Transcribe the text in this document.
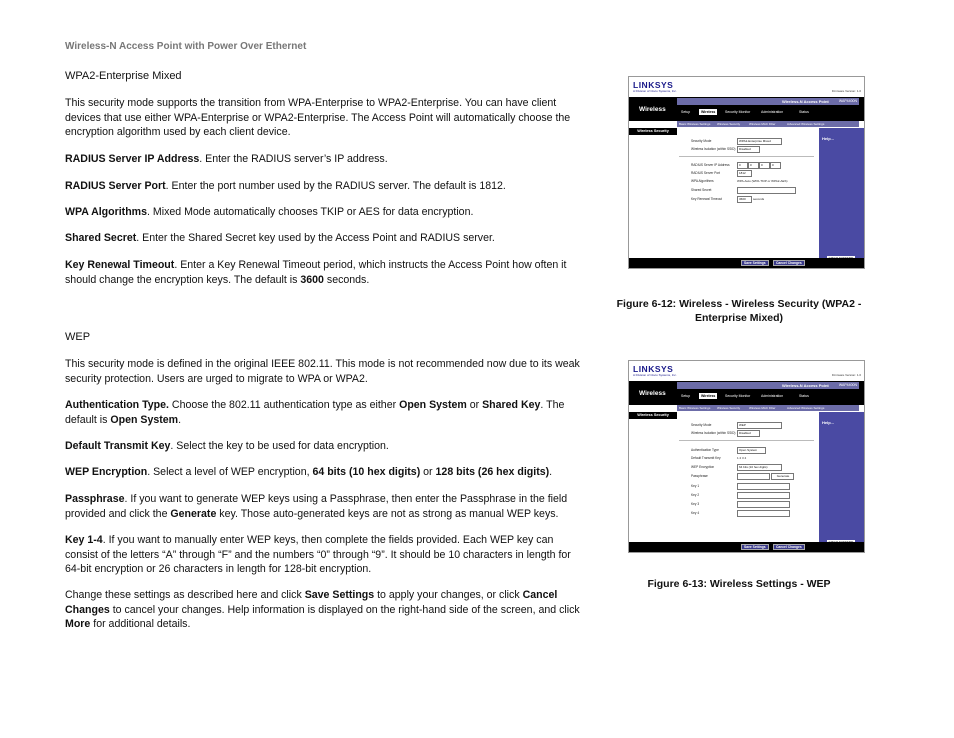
Wireless-N Access Point with Power Over Ethernet
WPA2-Enterprise Mixed

This security mode supports the transition from WPA-Enterprise to WPA2-Enterprise. You can have client devices that use either WPA-Enterprise or WPA2-Enterprise. The Access Point will automatically choose the encryption algorithm used by each client device.

RADIUS Server IP Address. Enter the RADIUS server’s IP address.

RADIUS Server Port. Enter the port number used by the RADIUS server. The default is 1812.

WPA Algorithms. Mixed Mode automatically chooses TKIP or AES for data encryption.

Shared Secret. Enter the Shared Secret key used by the Access Point and RADIUS server.

Key Renewal Timeout. Enter a Key Renewal Timeout period, which instructs the Access Point how often it should change the encryption keys. The default is 3600 seconds.

WEP

This security mode is defined in the original IEEE 802.11. This mode is not recommended now due to its weak security protection. Users are urged to migrate to WPA or WPA2.

Authentication Type. Choose the 802.11 authentication type as either Open System or Shared Key. The default is Open System.

Default Transmit Key. Select the key to be used for data encryption.

WEP Encryption. Select a level of WEP encryption, 64 bits (10 hex digits) or 128 bits (26 hex digits).

Passphrase. If you want to generate WEP keys using a Passphrase, then enter the Passphrase in the field provided and click the Generate key. Those auto-generated keys are not as strong as manual WEP keys.

Key 1-4. If you want to manually enter WEP keys, then complete the fields provided. Each WEP key can consist of the letters “A” through “F” and the numbers “0” through “9”. It should be 10 characters in length for 64-bit encryption or 26 characters in length for 128-bit encryption.

Change these settings as described here and click Save Settings to apply your changes, or click Cancel Changes to cancel your changes. Help information is displayed on the right-hand side of the screen, and click More for additional details.

LINKSYS
A Division of Cisco Systems, Inc.	Firmware Version: 1.0
Wireless
Wireless-N Access Point	WAP4400N
Setup	Wireless	Security Monitor	Administration	Status
Basic Wireless Settings Wireless Security	Wireless MAC Filter	Advanced Wireless Settings
Wireless Security
Security Mode	WPA2-Enterprise Mixed
Wireless Isolation (within SSID)	Disabled
RADIUS Server IP Address	0	0	0	0
RADIUS Server Port	1812
WPA Algorithms	WPA-Auto (WPA-TKIP or WPA2-AES)
Shared Secret
Key Renewal Timeout	3600	seconds
Help...
Save Settings	Cancel Changes
Figure 6-12: Wireless - Wireless Security (WPA2 -
Enterprise Mixed)
LINKSYS
A Division of Cisco Systems, Inc.	Firmware Version: 1.0
Wireless
Wireless-N Access Point	WAP4400N
Setup	Wireless	Security Monitor	Administration	Status
Basic Wireless Settings Wireless Security	Wireless MAC Filter	Advanced Wireless Settings
Wireless Security
Security Mode	WEP
Wireless Isolation (within SSID)	Disabled
Authentication Type	Open System
Default Transmit Key	1 2 3 4
WEP Encryption	64 bits (10 hex digits)
Passphrase	Generate
Key 1
Key 2
Key 3
Key 4
Help...
Save Settings	Cancel Changes
Figure 6-13: Wireless Settings - WEP
